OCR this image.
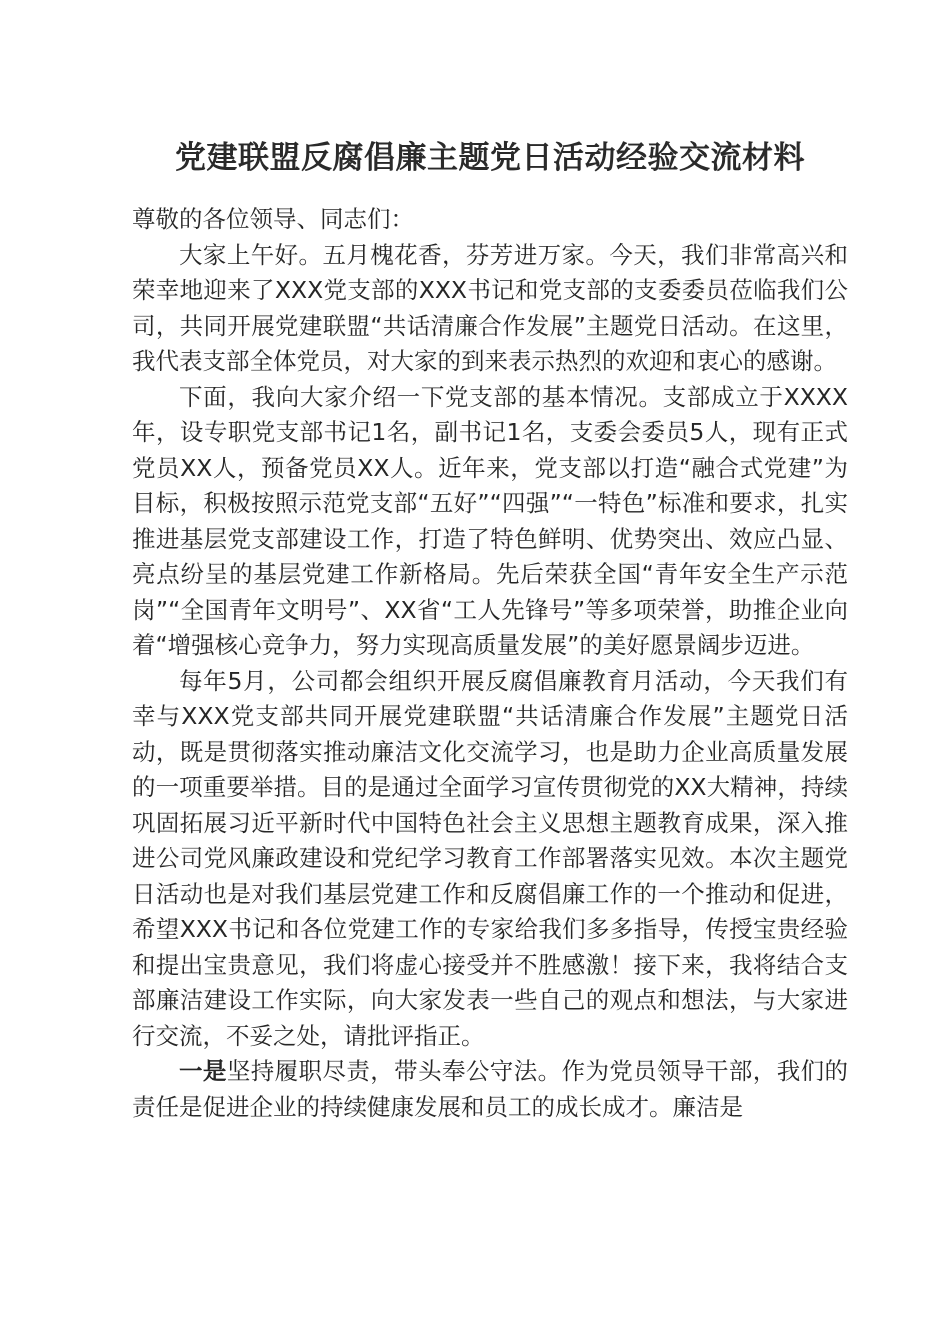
党建联盟反腐倡廉主题党日活动经验交流材料

尊敬的各位领导、同志们：

大家上午好。五月槐花香，芬芳进万家。今天，我们非常高兴和荣幸地迎来了XXX党支部的XXX书记和党支部的支委委员莅临我们公司，共同开展党建联盟“共话清廉合作发展”主题党日活动。在这里，我代表支部全体党员，对大家的到来表示热烈的欢迎和衷心的感谢。

下面，我向大家介绍一下党支部的基本情况。支部成立于XXXX年，设专职党支部书记1名，副书记1名，支委会委员5人，现有正式党员XX人，预备党员XX人。近年来，党支部以打造“融合式党建”为目标，积极按照示范党支部“五好”“四强”“一特色”标准和要求，扎实推进基层党支部建设工作，打造了特色鲜明、优势突出、效应凸显、亮点纷呈的基层党建工作新格局。先后荣获全国“青年安全生产示范岗”“全国青年文明号”、XX省“工人先锋号”等多项荣誉，助推企业向着“增强核心竞争力，努力实现高质量发展”的美好愿景阔步迈进。

每年5月，公司都会组织开展反腐倡廉教育月活动，今天我们有幸与XXX党支部共同开展党建联盟“共话清廉合作发展”主题党日活动，既是贯彻落实推动廉洁文化交流学习，也是助力企业高质量发展的一项重要举措。目的是通过全面学习宣传贯彻党的XX大精神，持续巩固拓展习近平新时代中国特色社会主义思想主题教育成果，深入推进公司党风廉政建设和党纪学习教育工作部署落实见效。本次主题党日活动也是对我们基层党建工作和反腐倡廉工作的一个推动和促进，希望XXX书记和各位党建工作的专家给我们多多指导，传授宝贵经验和提出宝贵意见，我们将虚心接受并不胜感激！接下来，我将结合支部廉洁建设工作实际，向大家发表一些自己的观点和想法，与大家进行交流，不妥之处，请批评指正。

一是坚持履职尽责，带头奉公守法。作为党员领导干部，我们的责任是促进企业的持续健康发展和员工的成长成才。廉洁是
